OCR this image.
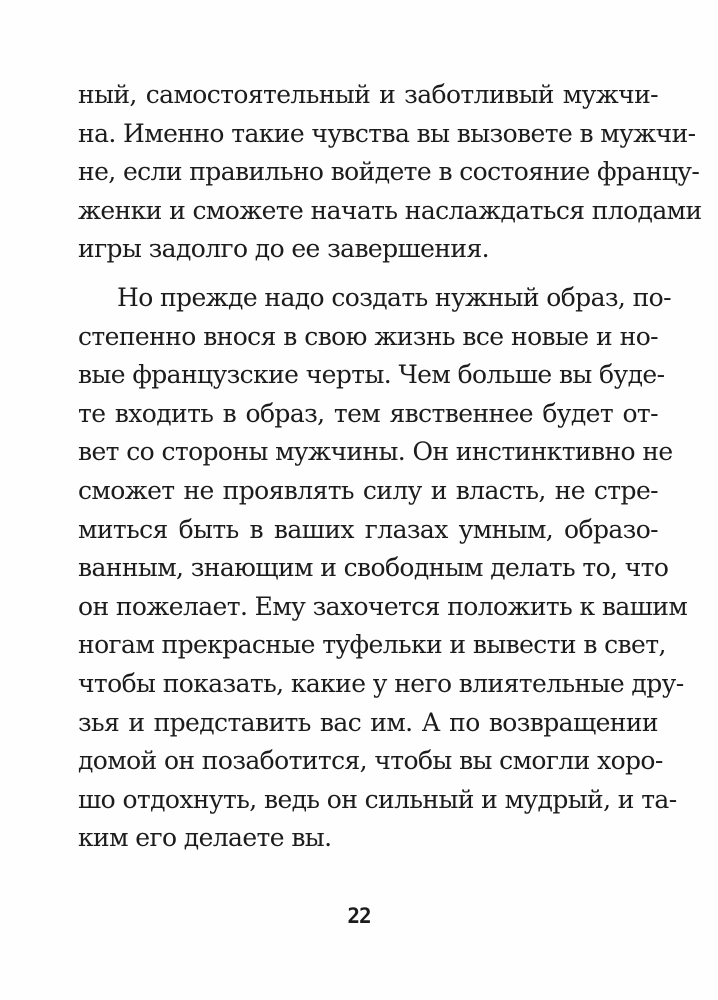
ный, самостоятельный и заботливый мужчи-
на. Именно такие чувства вы вызовете в мужчи-
не, если правильно войдете в состояние францу-
женки и сможете начать наслаждаться плодами
игры задолго до ее завершения.
Но прежде надо создать нужный образ, по-
степенно внося в свою жизнь все новые и но-
вые французские черты. Чем больше вы буде-
те входить в образ, тем явственнее будет от-
вет со стороны мужчины. Он инстинктивно не
сможет не проявлять силу и власть, не стре-
миться быть в ваших глазах умным, образо-
ванным, знающим и свободным делать то, что
он пожелает. Ему захочется положить к вашим
ногам прекрасные туфельки и вывести в свет,
чтобы показать, какие у него влиятельные дру-
зья и представить вас им. А по возвращении
домой он позаботится, чтобы вы смогли хоро-
шо отдохнуть, ведь он сильный и мудрый, и та-
ким его делаете вы.
22
